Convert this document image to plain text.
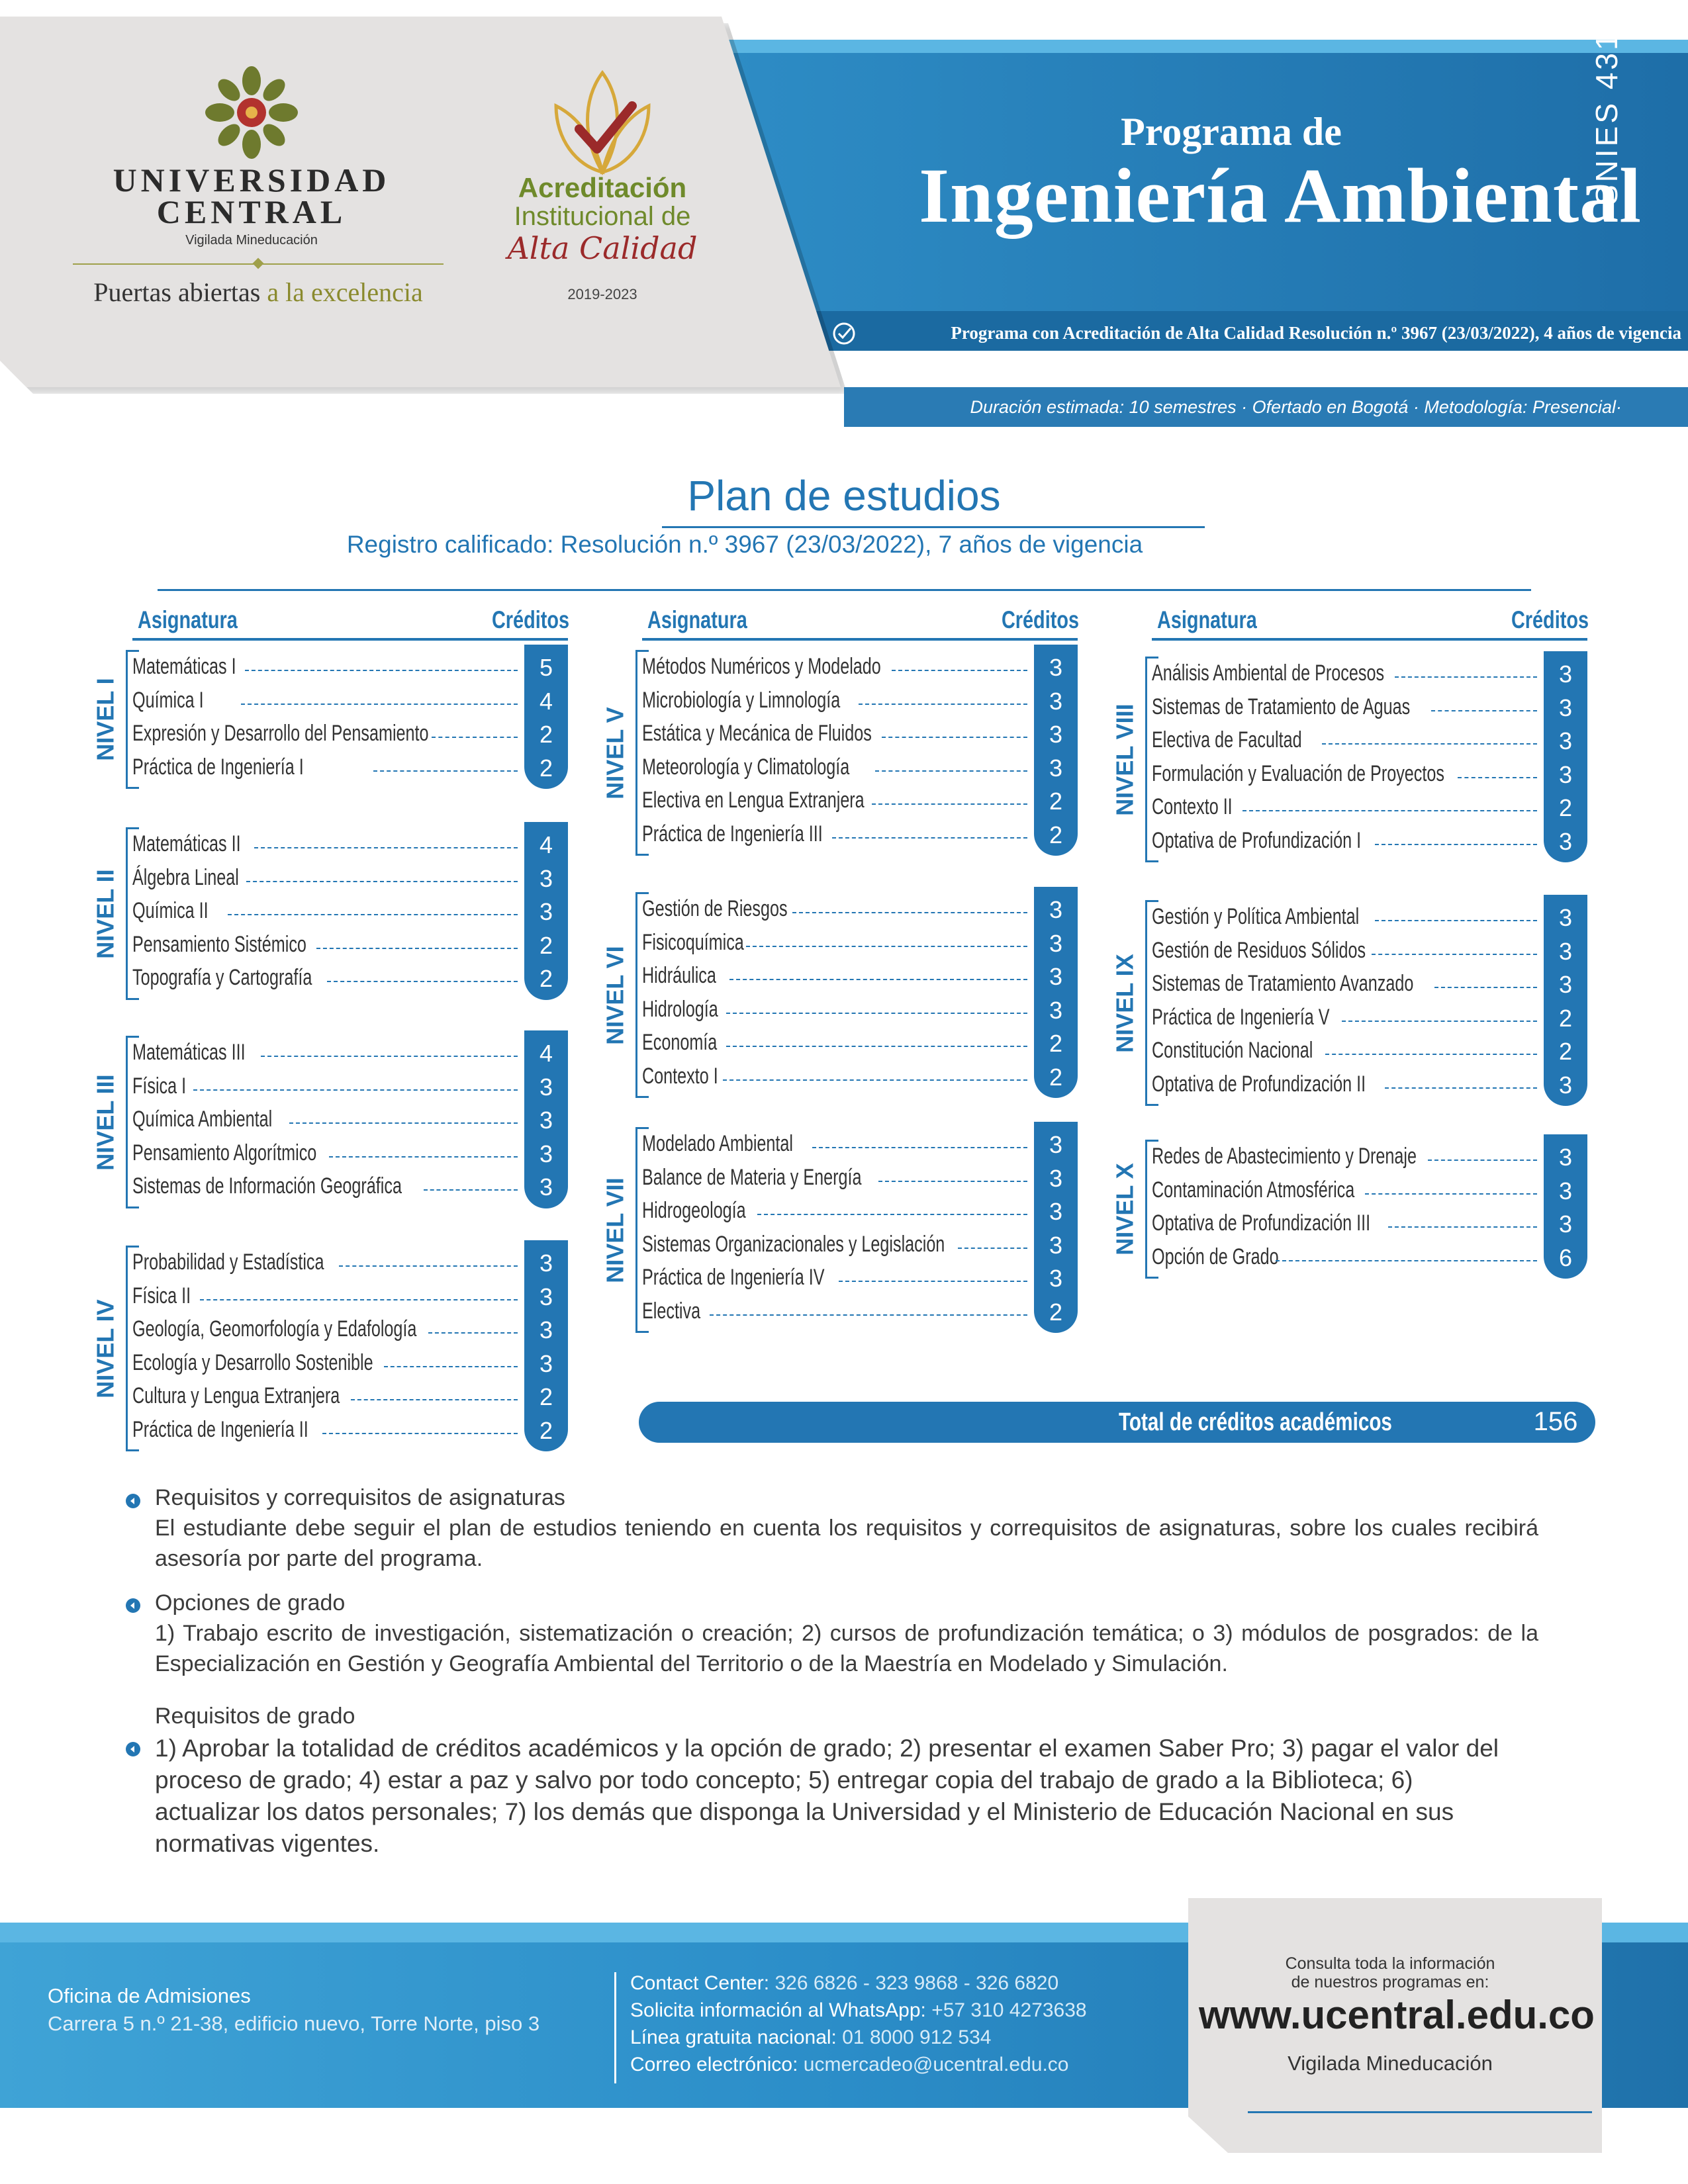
UNIVERSIDAD
CENTRAL
Vigilada Mineducación
Puertas abiertas a la excelencia
Acreditación
Institucional de
Alta Calidad
2019-2023
Programa de
Ingeniería Ambiental
SNIES 4318
Programa con Acreditación de Alta Calidad Resolución n.º 3967 (23/03/2022), 4 años de vigencia
Duración estimada: 10 semestres · Ofertado en Bogotá · Metodología: Presencial·
Plan de estudios
Registro calificado: Resolución n.º 3967 (23/03/2022), 7 años de vigencia
Asignatura	Créditos	Asignatura	Créditos	Asignatura	Créditos
NIVEL I
Matemáticas I	5
Química I	4
Expresión y Desarrollo del Pensamiento	2
Práctica de Ingeniería I	2
NIVEL II
Matemáticas II	4
Álgebra Lineal	3
Química II	3
Pensamiento Sistémico	2
Topografía y Cartografía	2
NIVEL III
Matemáticas III	4
Física I	3
Química Ambiental	3
Pensamiento Algorítmico	3
Sistemas de Información Geográfica	3
NIVEL IV
Probabilidad y Estadística	3
Física II	3
Geología, Geomorfología y Edafología	3
Ecología y Desarrollo Sostenible	3
Cultura y Lengua Extranjera	2
Práctica de Ingeniería II	2
NIVEL V
Métodos Numéricos y Modelado	3
Microbiología y Limnología	3
Estática y Mecánica de Fluidos	3
Meteorología y Climatología	3
Electiva en Lengua Extranjera	2
Práctica de Ingeniería III	2
NIVEL VI
Gestión de Riesgos	3
Fisicoquímica	3
Hidráulica	3
Hidrología	3
Economía	2
Contexto I	2
NIVEL VII
Modelado Ambiental	3
Balance de Materia y Energía	3
Hidrogeología	3
Sistemas Organizacionales y Legislación	3
Práctica de Ingeniería IV	3
Electiva	2
NIVEL VIII
Análisis Ambiental de Procesos	3
Sistemas de Tratamiento de Aguas	3
Electiva de Facultad	3
Formulación y Evaluación de Proyectos	3
Contexto II	2
Optativa de Profundización I	3
NIVEL IX
Gestión y Política Ambiental	3
Gestión de Residuos Sólidos	3
Sistemas de Tratamiento Avanzado	3
Práctica de Ingeniería V	2
Constitución Nacional	2
Optativa de Profundización II	3
NIVEL X
Redes de Abastecimiento y Drenaje	3
Contaminación Atmosférica	3
Optativa de Profundización III	3
Opción de Grado	6
Total de créditos académicos	156
Requisitos y correquisitos de asignaturas
El estudiante debe seguir el plan de estudios teniendo en cuenta los requisitos y correquisitos de asignaturas, sobre los cuales recibirá asesoría por parte del programa.
Opciones de grado
1) Trabajo escrito de investigación, sistematización o creación; 2) cursos de profundización temática; o 3) módulos de posgrados: de la Especialización en Gestión y Geografía Ambiental del Territorio o de la Maestría en Modelado y Simulación.
Requisitos de grado
1) Aprobar la totalidad de créditos académicos y la opción de grado; 2) presentar el examen Saber Pro; 3) pagar el valor del proceso de grado; 4) estar a paz y salvo por todo concepto; 5) entregar copia del trabajo de grado a la Biblioteca; 6) actualizar los datos personales; 7) los demás que disponga la Universidad y el Ministerio de Educación Nacional en sus normativas vigentes.
Oficina de Admisiones
Carrera 5 n.º 21-38, edificio nuevo, Torre Norte, piso 3
Contact Center: 326 6826 - 323 9868 - 326 6820
Solicita información al WhatsApp: +57 310 4273638
Línea gratuita nacional: 01 8000 912 534
Correo electrónico: ucmercadeo@ucentral.edu.co
Consulta toda la información
de nuestros programas en:
www.ucentral.edu.co
Vigilada Mineducación
